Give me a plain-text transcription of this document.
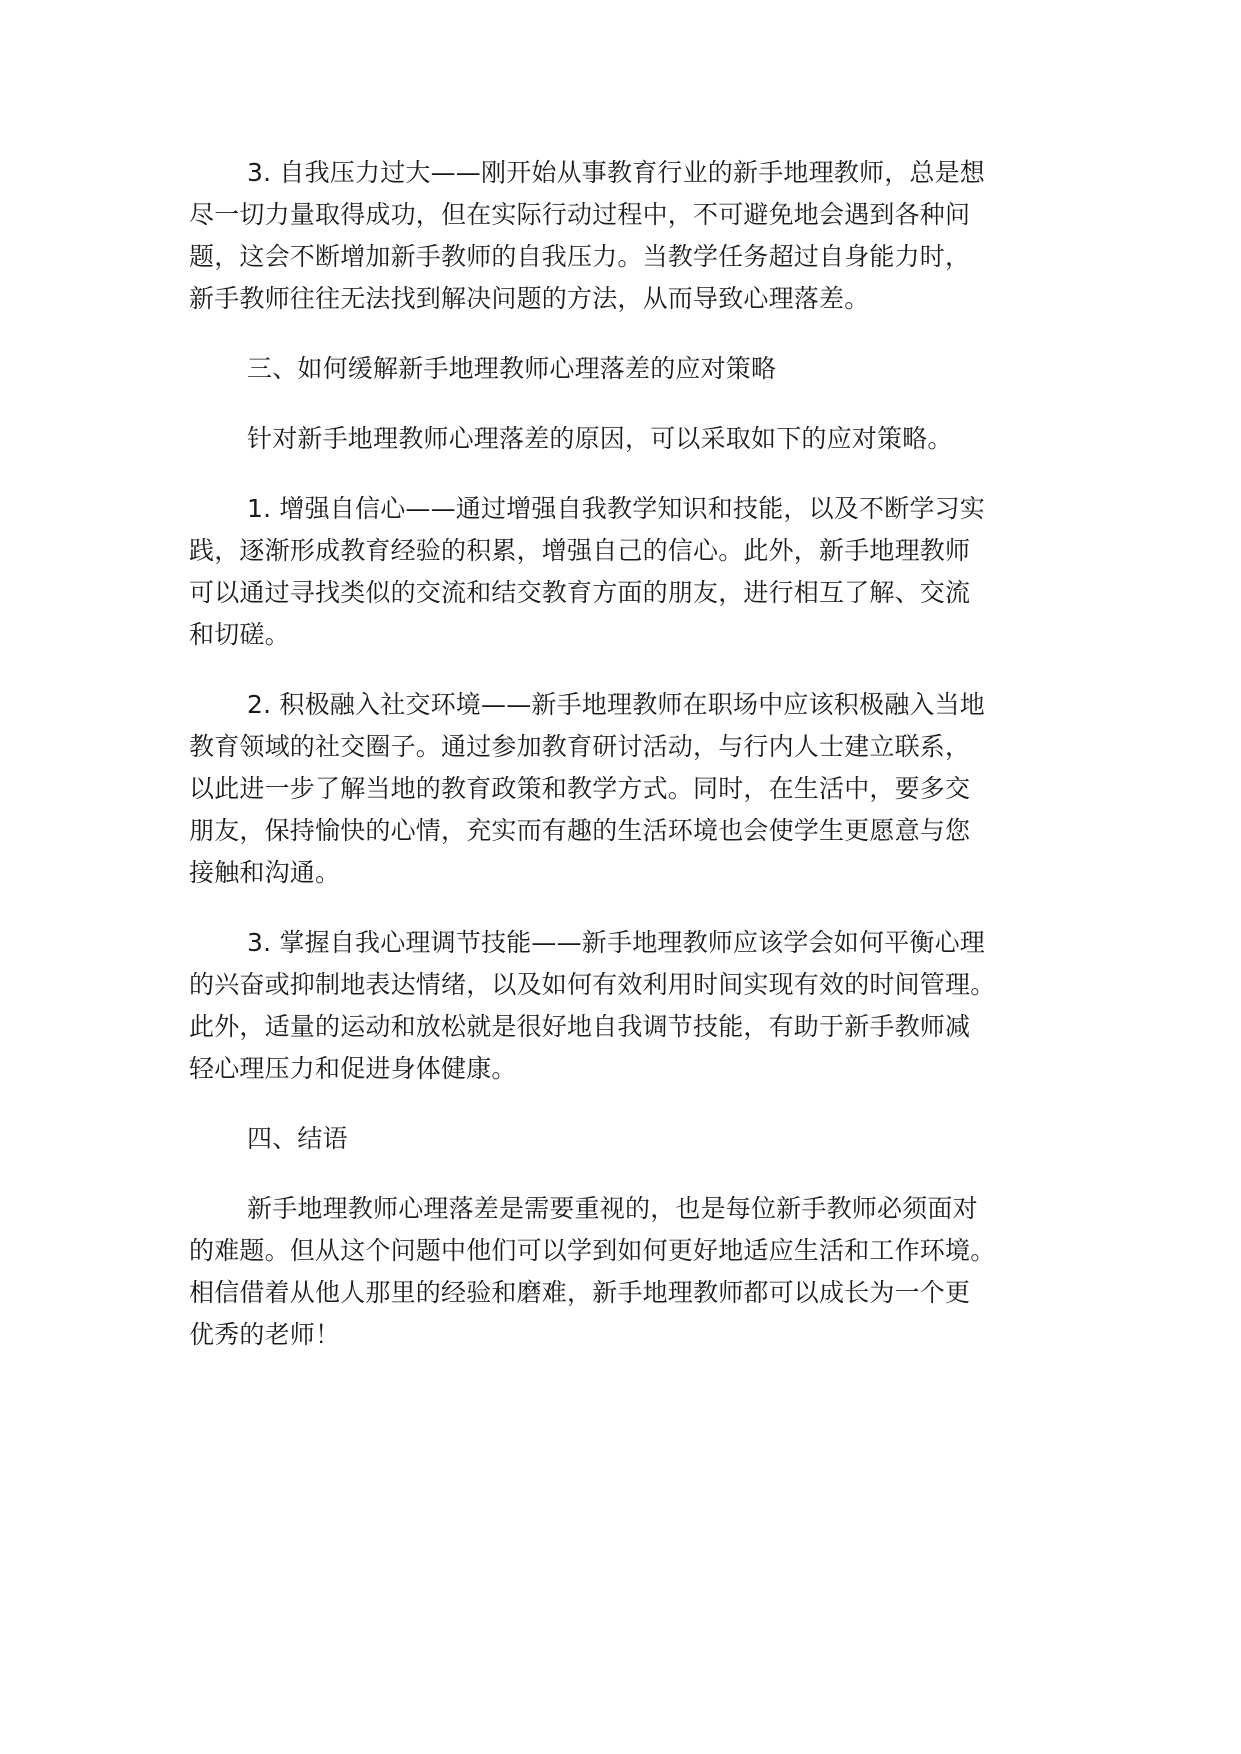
3. 自我压力过大——刚开始从事教育行业的新手地理教师，总是想
尽一切力量取得成功，但在实际行动过程中，不可避免地会遇到各种问
题，这会不断增加新手教师的自我压力。当教学任务超过自身能力时，
新手教师往往无法找到解决问题的方法，从而导致心理落差。
三、如何缓解新手地理教师心理落差的应对策略
针对新手地理教师心理落差的原因，可以采取如下的应对策略。
1. 增强自信心——通过增强自我教学知识和技能，以及不断学习实
践，逐渐形成教育经验的积累，增强自己的信心。此外，新手地理教师
可以通过寻找类似的交流和结交教育方面的朋友，进行相互了解、交流
和切磋。
2. 积极融入社交环境——新手地理教师在职场中应该积极融入当地
教育领域的社交圈子。通过参加教育研讨活动，与行内人士建立联系，
以此进一步了解当地的教育政策和教学方式。同时，在生活中，要多交
朋友，保持愉快的心情，充实而有趣的生活环境也会使学生更愿意与您
接触和沟通。
3. 掌握自我心理调节技能——新手地理教师应该学会如何平衡心理
的兴奋或抑制地表达情绪，以及如何有效利用时间实现有效的时间管理。
此外，适量的运动和放松就是很好地自我调节技能，有助于新手教师减
轻心理压力和促进身体健康。
四、结语
新手地理教师心理落差是需要重视的，也是每位新手教师必须面对
的难题。但从这个问题中他们可以学到如何更好地适应生活和工作环境。
相信借着从他人那里的经验和磨难，新手地理教师都可以成长为一个更
优秀的老师！
